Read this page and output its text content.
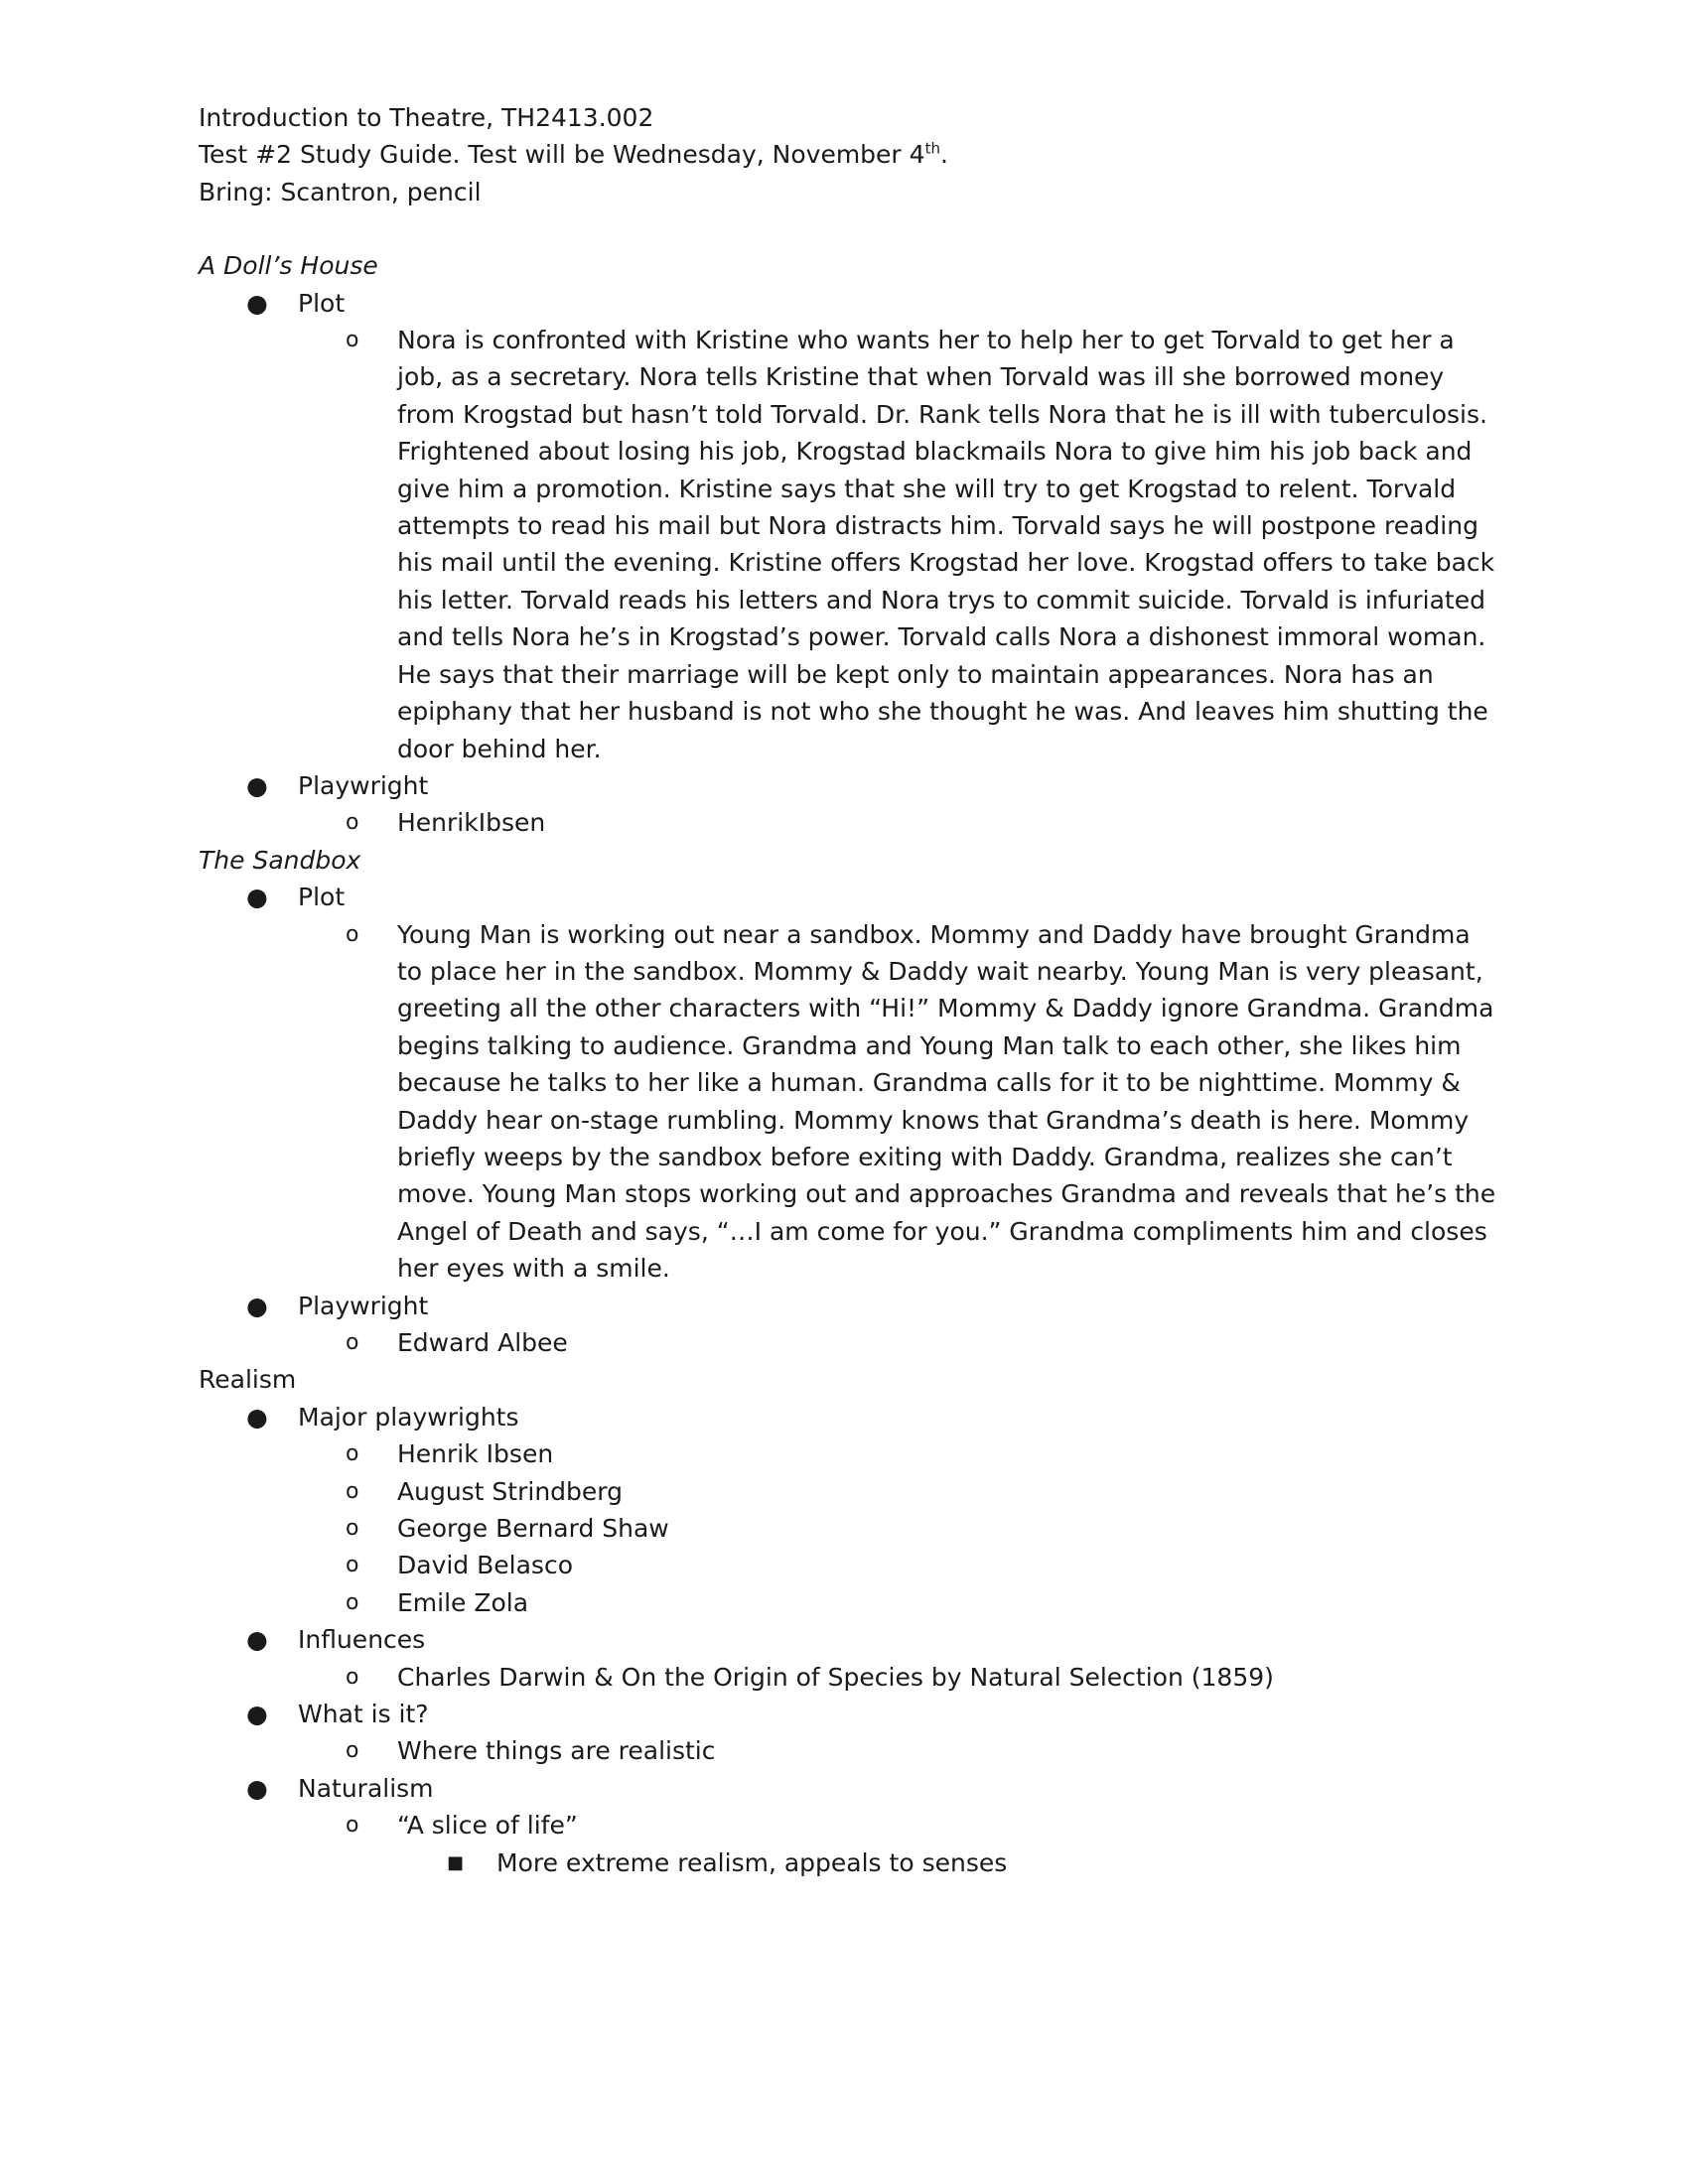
Introduction to Theatre, TH2413.002

Test #2 Study Guide. Test will be Wednesday, November 4th.

Bring: Scantron, pencil

A Doll’s House

●	Plot
o	Nora is confronted with Kristine who wants her to help her to get Torvald to get her a
job, as a secretary. Nora tells Kristine that when Torvald was ill she borrowed money
from Krogstad but hasn’t told Torvald. Dr. Rank tells Nora that he is ill with tuberculosis.
Frightened about losing his job, Krogstad blackmails Nora to give him his job back and
give him a promotion. Kristine says that she will try to get Krogstad to relent. Torvald
attempts to read his mail but Nora distracts him. Torvald says he will postpone reading
his mail until the evening. Kristine offers Krogstad her love. Krogstad offers to take back
his letter. Torvald reads his letters and Nora trys to commit suicide. Torvald is infuriated
and tells Nora he’s in Krogstad’s power. Torvald calls Nora a dishonest immoral woman.
He says that their marriage will be kept only to maintain appearances. Nora has an
epiphany that her husband is not who she thought he was. And leaves him shutting the
door behind her.
●	Playwright
o	HenrikIbsen

The Sandbox

●	Plot
o	Young Man is working out near a sandbox. Mommy and Daddy have brought Grandma
to place her in the sandbox. Mommy & Daddy wait nearby. Young Man is very pleasant,
greeting all the other characters with “Hi!” Mommy & Daddy ignore Grandma. Grandma
begins talking to audience. Grandma and Young Man talk to each other, she likes him
because he talks to her like a human. Grandma calls for it to be nighttime. Mommy &
Daddy hear on-stage rumbling. Mommy knows that Grandma’s death is here. Mommy
briefly weeps by the sandbox before exiting with Daddy. Grandma, realizes she can’t
move. Young Man stops working out and approaches Grandma and reveals that he’s the
Angel of Death and says, “…I am come for you.” Grandma compliments him and closes
her eyes with a smile.
●	Playwright
o	Edward Albee

Realism

●	Major playwrights
o	Henrik Ibsen
o	August Strindberg
o	George Bernard Shaw
o	David Belasco
o	Emile Zola
●	Influences
o	Charles Darwin & On the Origin of Species by Natural Selection (1859)
●	What is it?
o	Where things are realistic
●	Naturalism
o	“A slice of life”
■	More extreme realism, appeals to senses
